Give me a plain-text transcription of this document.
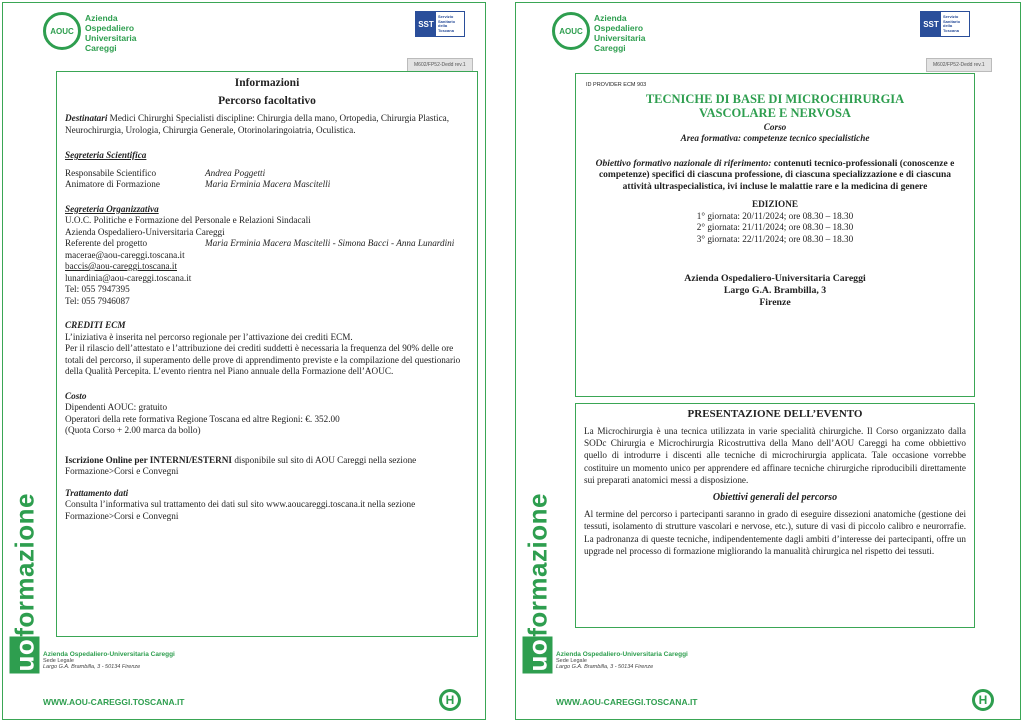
AOUC
Azienda
Ospedaliero
Universitaria
Careggi
SST
Servizio
Sanitario
della
Toscana
M602/FP52-Dedd rev.1
uoformazione
Azienda Ospedaliero-Universitaria Careggi
Sede Legale
Largo G.A. Brambilla, 3 - 50134 Firenze
WWW.AOU-CAREGGI.TOSCANA.IT	H
Informazioni
Percorso facoltativo
Destinatari Medici Chirurghi Specialisti discipline: Chirurgia della mano, Ortopedia, Chirurgia Plastica, Neurochirurgia, Urologia, Chirurgia Generale, Otorinolaringoiatria, Oculistica.
Segreteria Scientifica
Responsabile Scientifico	Andrea Poggetti
Animatore di Formazione	Maria Erminia Macera Mascitelli
Segreteria Organizzativa
U.O.C. Politiche e Formazione del Personale e Relazioni Sindacali
Azienda Ospedaliero-Universitaria Careggi
Referente del progetto	Maria Erminia Macera Mascitelli - Simona Bacci - Anna Lunardini
macerae@aou-careggi.toscana.it
baccis@aou-careggi.toscana.it
lunardinia@aou-careggi.toscana.it
Tel: 055 7947395
Tel: 055 7946087
CREDITI ECM
L’iniziativa è inserita nel percorso regionale per l’attivazione dei crediti ECM.
Per il rilascio dell’attestato e l’attribuzione dei crediti suddetti è necessaria la frequenza del 90% delle ore totali del percorso, il superamento delle prove di apprendimento previste e la compilazione del questionario della Qualità Percepita. L’evento rientra nel Piano annuale della Formazione dell’AOUC.
Costo
Dipendenti AOUC: gratuito
Operatori della rete formativa Regione Toscana ed altre Regioni: €. 352.00
(Quota Corso + 2.00 marca da bollo)
Iscrizione Online per INTERNI/ESTERNI disponibile sul sito di AOU Careggi nella sezione Formazione>Corsi e Convegni
Trattamento dati
Consulta l’informativa sul trattamento dei dati sul sito www.aoucareggi.toscana.it nella sezione Formazione>Corsi e Convegni
AOUC
Azienda
Ospedaliero
Universitaria
Careggi
SST
Servizio
Sanitario
della
Toscana
M602/FP52-Dedd rev.1
uoformazione
Azienda Ospedaliero-Universitaria Careggi
Sede Legale
Largo G.A. Brambilla, 3 - 50134 Firenze
WWW.AOU-CAREGGI.TOSCANA.IT	H
ID PROVIDER ECM 903
TECNICHE DI BASE DI MICROCHIRURGIA
VASCOLARE E NERVOSA
Corso
Area formativa: competenze tecnico specialistiche
Obiettivo formativo nazionale di riferimento: contenuti tecnico-professionali (conoscenze e competenze) specifici di ciascuna professione, di ciascuna specializzazione e di ciascuna attività ultraspecialistica, ivi incluse le malattie rare e la medicina di genere
EDIZIONE
1° giornata: 20/11/2024; ore 08.30 – 18.30
2° giornata: 21/11/2024; ore 08.30 – 18.30
3° giornata: 22/11/2024; ore 08.30 – 18.30
Azienda Ospedaliero-Universitaria Careggi
Largo G.A. Brambilla, 3
Firenze
PRESENTAZIONE DELL’EVENTO
La Microchirurgia è una tecnica utilizzata in varie specialità chirurgiche. Il Corso organizzato dalla SODc Chirurgia e Microchirurgia Ricostruttiva della Mano dell’AOU Careggi ha come obbiettivo quello di introdurre i discenti alle tecniche di microchirurgia applicata. Tale occasione vorrebbe costituire un momento unico per apprendere ed affinare tecniche chirurgiche riproducibili direttamente sui preparati anatomici messi a disposizione.
Obiettivi generali del percorso
Al termine del percorso i partecipanti saranno in grado di eseguire dissezioni anatomiche (gestione dei tessuti, isolamento di strutture vascolari e nervose, etc.), suture di vasi di piccolo calibro e neurorrafie. La padronanza di queste tecniche, indipendentemente dagli ambiti d’interesse dei partecipanti, offre un upgrade nel processo di formazione migliorando la manualità chirurgica nel rispetto dei tessuti.
